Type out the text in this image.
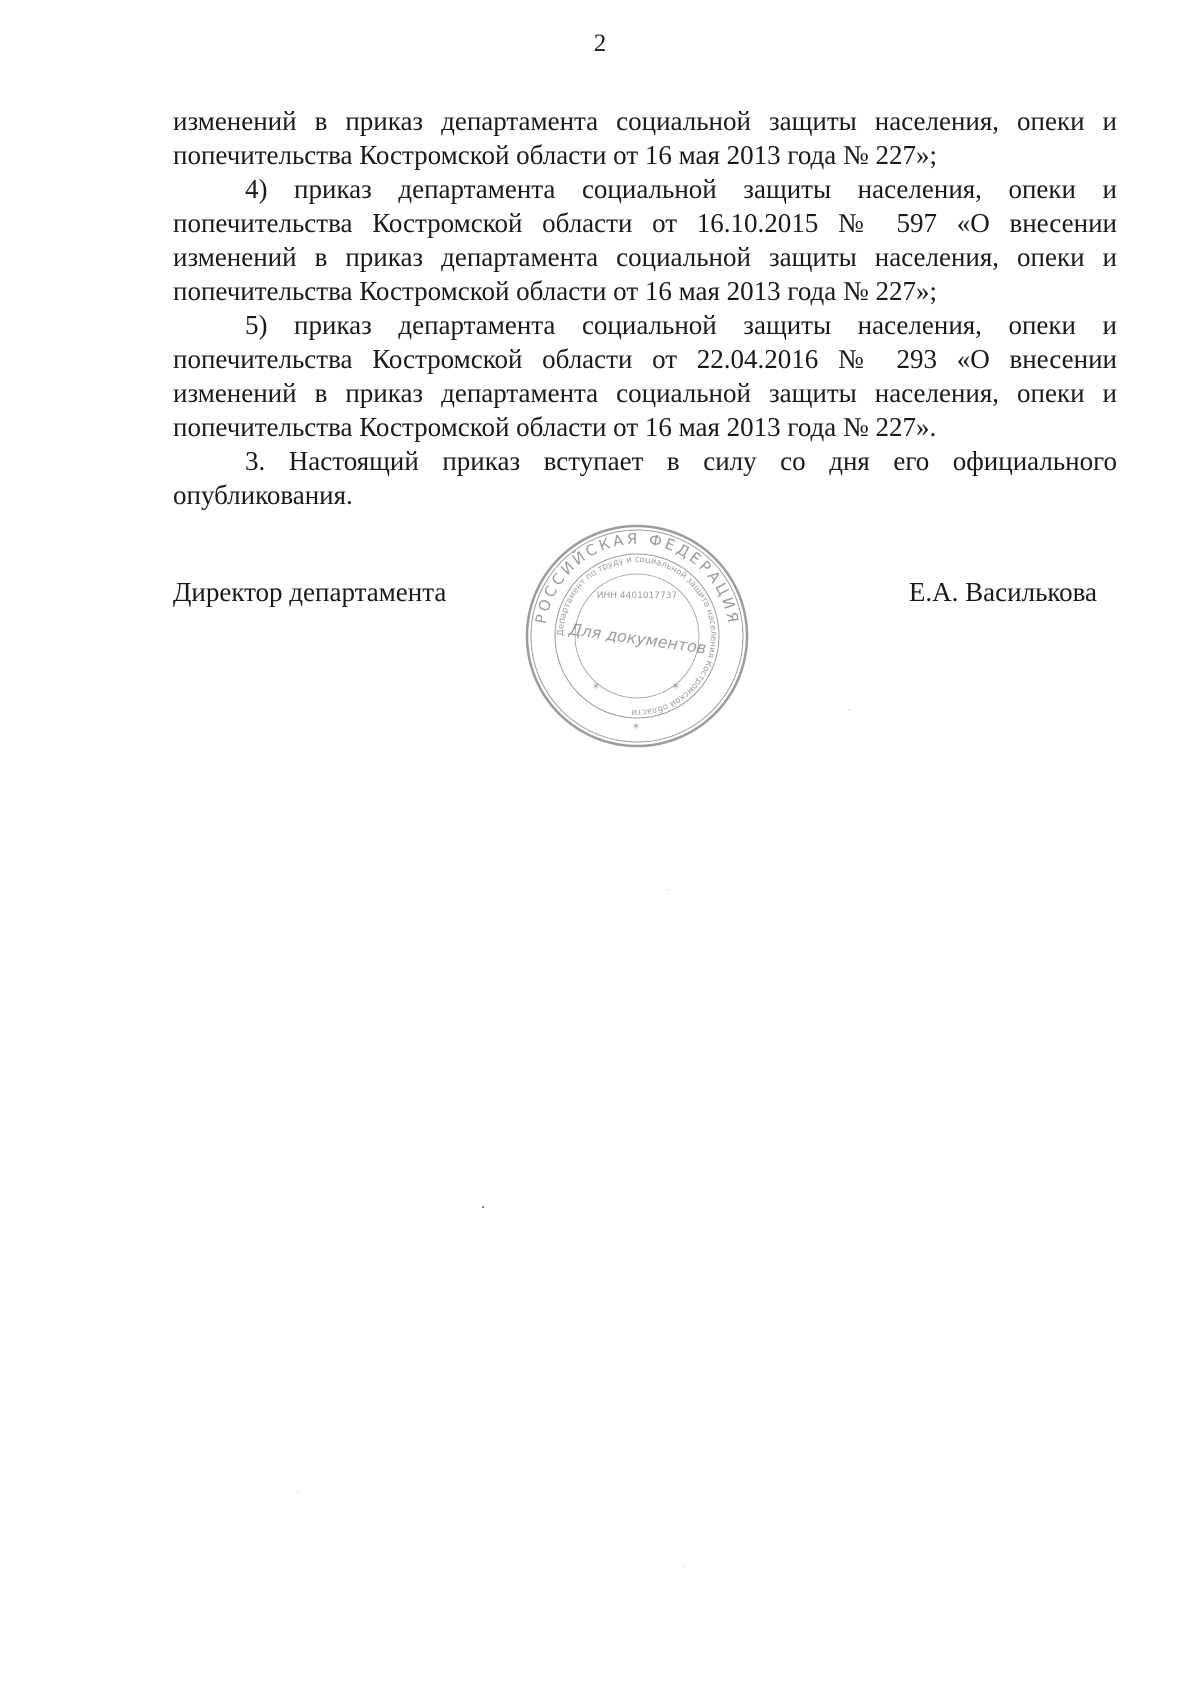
2

изменений в приказ департамента социальной защиты населения, опеки и попечительства Костромской области от 16 мая 2013 года № 227»;

4) приказ департамента социальной защиты населения, опеки и попечительства Костромской области от 16.10.2015 № 597 «О внесении изменений в приказ департамента социальной защиты населения, опеки и попечительства Костромской области от 16 мая 2013 года № 227»;

5) приказ департамента социальной защиты населения, опеки и попечительства Костромской области от 22.04.2016 № 293 «О внесении изменений в приказ департамента социальной защиты населения, опеки и попечительства Костромской области от 16 мая 2013 года № 227».

3. Настоящий приказ вступает в силу со дня его официального опубликования.

Директор департамента	Е.А. Василькова
РОССИЙСКАЯ ФЕДЕРАЦИЯ
Департамент по труду и социальной защите населения Костромской области
ИНН 4401017737
Для документов
*	*
*
